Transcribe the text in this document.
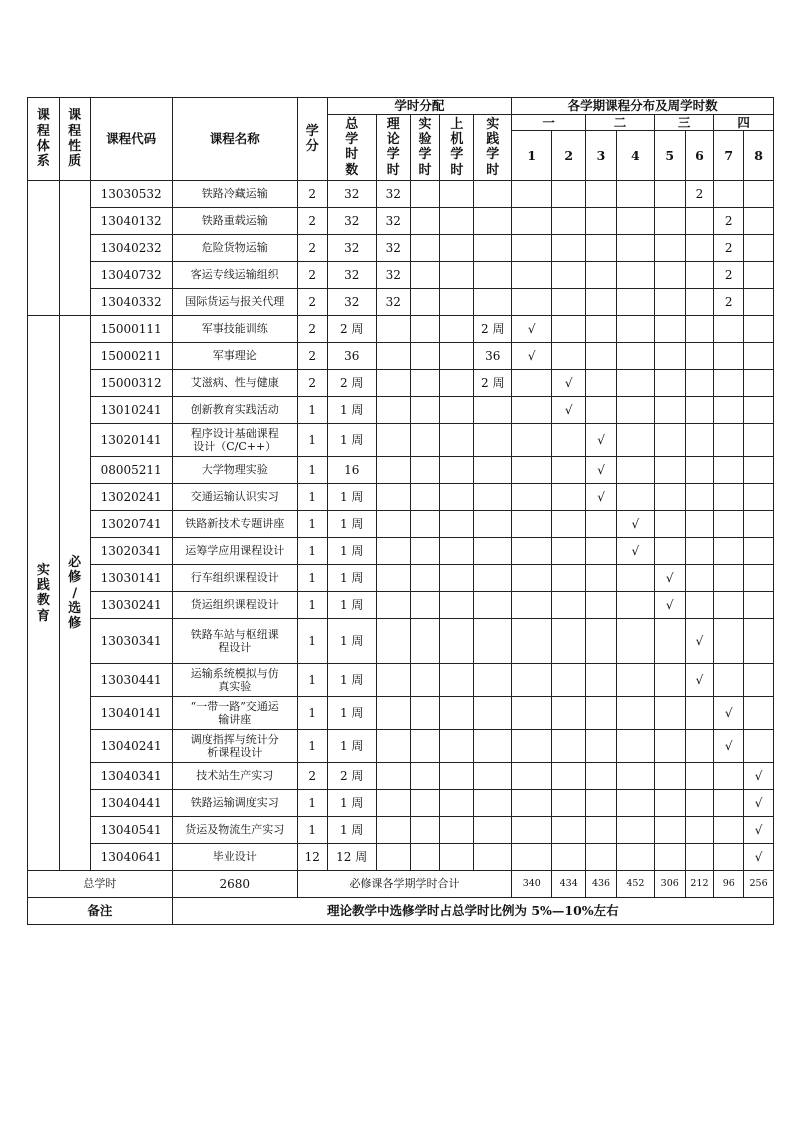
课
程
体
系	课
程
性
质	课程代码	课程名称	学
分	学时分配					各学期课程分布及周学时数							

					总
学
时
数	理
论
学
时	实
验
学
时	上
机
学
时	实
践
学
时	一		二		三		四	
										1	2	3	4	5	6	7	8
		13030532	铁路冷藏运输	2	32	32									2		
		13040132	铁路重载运输	2	32	32										2	
		13040232	危险货物运输	2	32	32										2	
		13040732	客运专线运输组织	2	32	32										2	
		13040332	国际货运与报关代理	2	32	32										2	

实
践
教
育	必
修
/
选
修	15000111	军事技能训练	2	2 周				2 周	√							
		15000211	军事理论	2	36				36	√							
		15000312	艾滋病、性与健康	2	2 周				2 周		√						
		13010241	创新教育实践活动	1	1 周						√						
		13020141	程序设计基础课程
设计（C/C++）	1	1 周							√					
		08005211	大学物理实验	1	16							√					
		13020241	交通运输认识实习	1	1 周							√					
		13020741	铁路新技术专题讲座	1	1 周								√				
		13020341	运筹学应用课程设计	1	1 周								√				
		13030141	行车组织课程设计	1	1 周									√			
		13030241	货运组织课程设计	1	1 周									√			
		13030341	铁路车站与枢纽课
程设计	1	1 周										√		
		13030441	运输系统模拟与仿
真实验	1	1 周										√		
		13040141	“一带一路”交通运
输讲座	1	1 周											√	
		13040241	调度指挥与统计分
析课程设计	1	1 周											√	
		13040341	技术站生产实习	2	2 周												√
		13040441	铁路运输调度实习	1	1 周												√
		13040541	货运及物流生产实习	1	1 周												√
		13040641	毕业设计	12	12 周												√
总学时			2680	必修课各学期学时合计						340	434	436	452	306	212	96	256
备注			理论教学中选修学时占总学时比例为 5%—10%左右														
